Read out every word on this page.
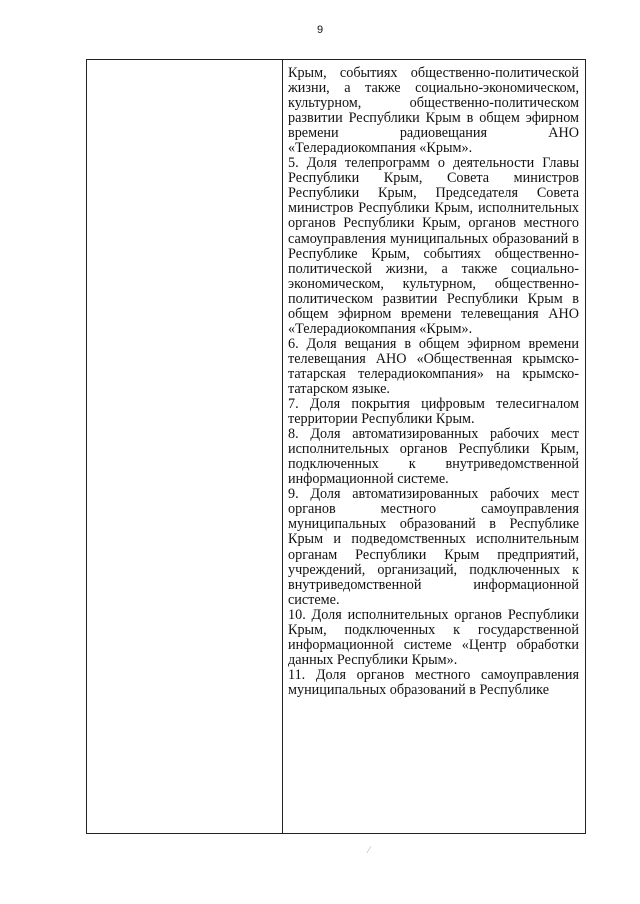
9

Крым, событиях общественно-политической жизни, а также социально-экономическом, культурном, общественно-политическом развитии Республики Крым в общем эфирном времени радиовещания АНО «Телерадиокомпания «Крым».

5. Доля телепрограмм о деятельности Главы Республики Крым, Совета министров Республики Крым, Председателя Совета министров Республики Крым, исполнительных органов Республики Крым, органов местного самоуправления муниципальных образований в Республике Крым, событиях общественно-политической жизни, а также социально-экономическом, культурном, общественно-политическом развитии Республики Крым в общем эфирном времени телевещания АНО «Телерадиокомпания «Крым».

6. Доля вещания в общем эфирном времени телевещания АНО «Общественная крымско-татарская телерадиокомпания» на крымско-татарском языке.

7. Доля покрытия цифровым телесигналом территории Республики Крым.

8. Доля автоматизированных рабочих мест исполнительных органов Республики Крым, подключенных к внутриведомственной информационной системе.

9. Доля автоматизированных рабочих мест органов местного самоуправления муниципальных образований в Республике Крым и подведомственных исполнительным органам Республики Крым предприятий, учреждений, организаций, подключенных к внутриведомственной информационной системе.

10. Доля исполнительных органов Республики Крым, подключенных к государственной информационной системе «Центр обработки данных Республики Крым».

11. Доля органов местного самоуправления муниципальных образований в Республике

⁄
